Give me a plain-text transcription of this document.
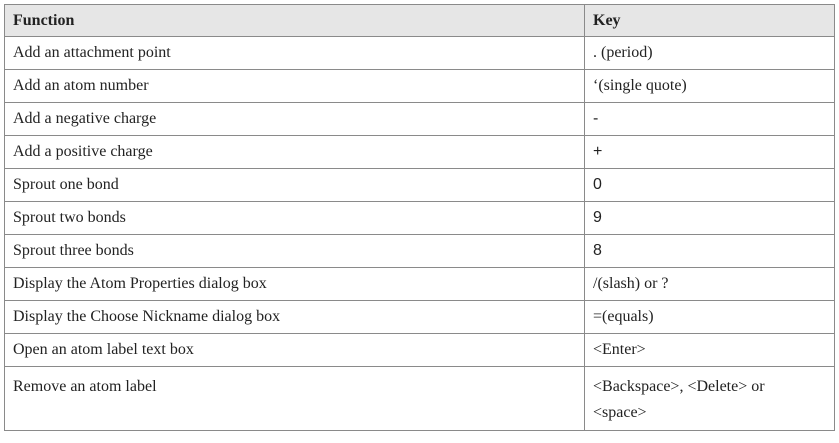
Function	Key
Add an attachment point	. (period)
Add an atom number	‘(single quote)
Add a negative charge	-
Add a positive charge	+
Sprout one bond	0
Sprout two bonds	9
Sprout three bonds	8
Display the Atom Properties dialog box	/(slash) or ?
Display the Choose Nickname dialog box	=(equals)
Open an atom label text box	<Enter>
Remove an atom label	<Backspace>, <Delete> or <space>
